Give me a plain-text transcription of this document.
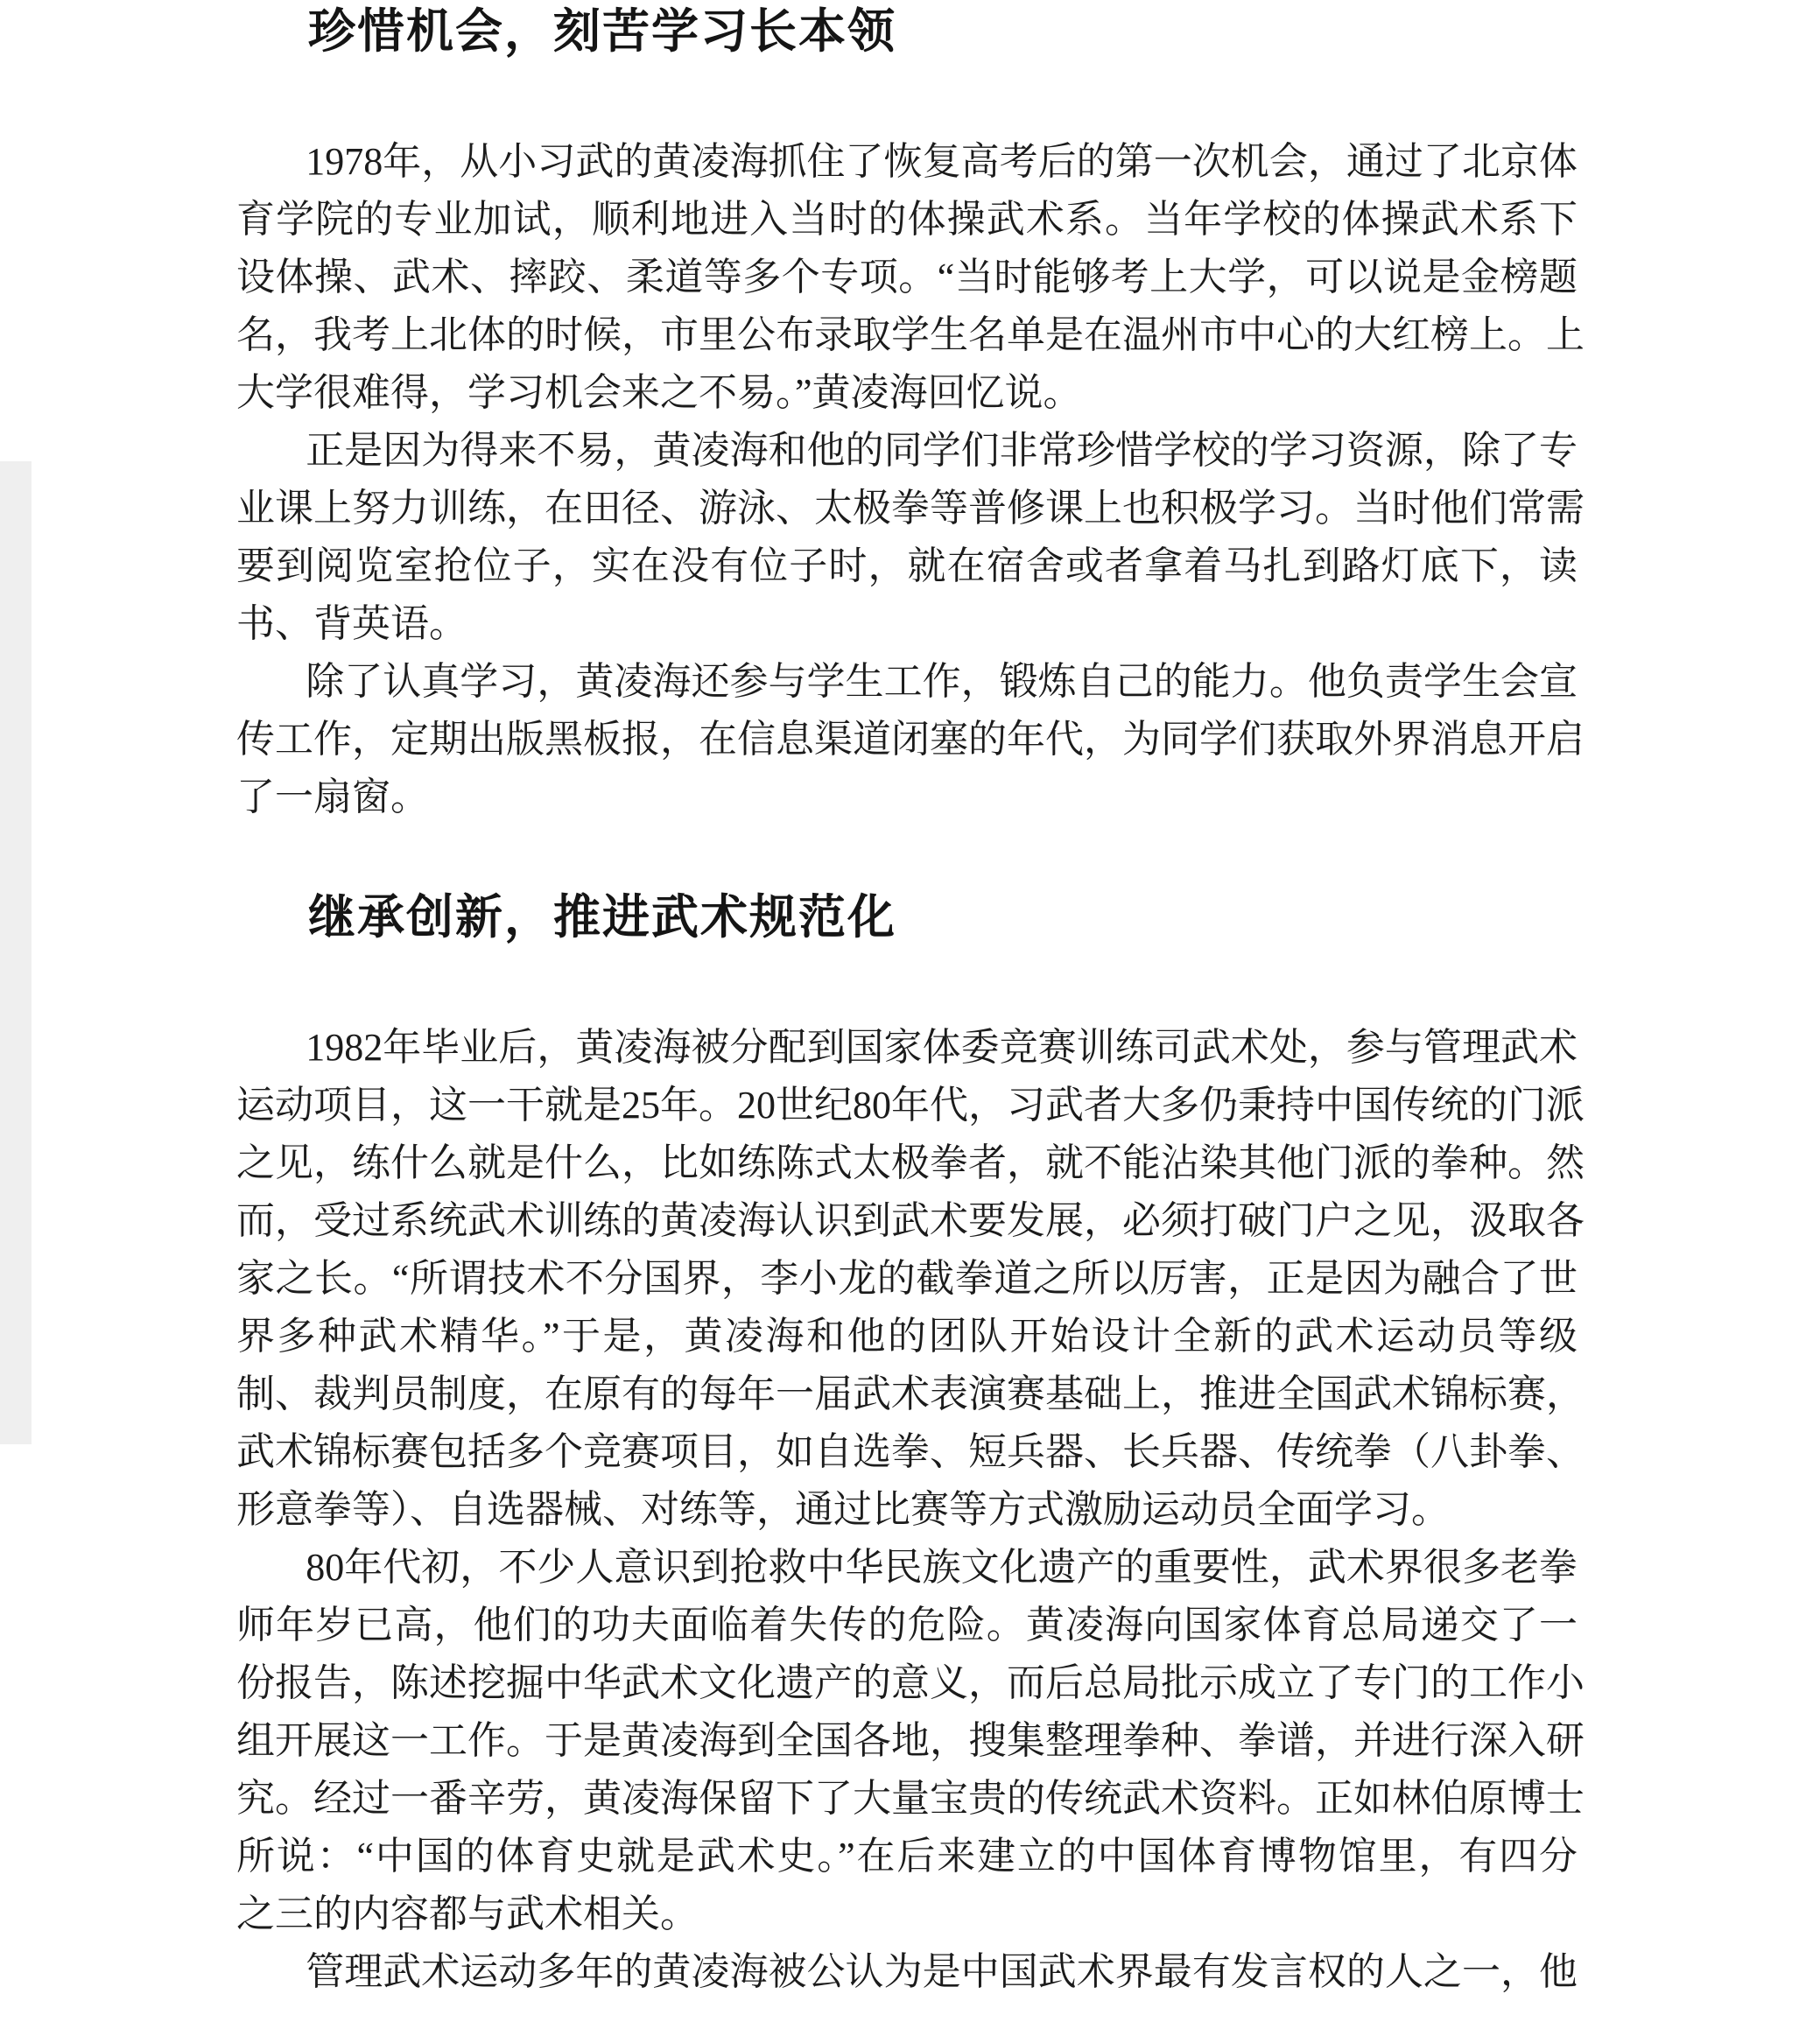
珍惜机会，刻苦学习长本领

1978年，从小习武的黄凌海抓住了恢复高考后的第一次机会，通过了北京体
育学院的专业加试，顺利地进入当时的体操武术系。当年学校的体操武术系下
设体操、武术、摔跤、柔道等多个专项。“当时能够考上大学，可以说是金榜题
名，我考上北体的时候，市里公布录取学生名单是在温州市中心的大红榜上。上
大学很难得，学习机会来之不易。”黄凌海回忆说。

正是因为得来不易，黄凌海和他的同学们非常珍惜学校的学习资源，除了专
业课上努力训练，在田径、游泳、太极拳等普修课上也积极学习。当时他们常需
要到阅览室抢位子，实在没有位子时，就在宿舍或者拿着马扎到路灯底下，读
书、背英语。

除了认真学习，黄凌海还参与学生工作，锻炼自己的能力。他负责学生会宣
传工作，定期出版黑板报，在信息渠道闭塞的年代，为同学们获取外界消息开启
了一扇窗。

继承创新，推进武术规范化

1982年毕业后，黄凌海被分配到国家体委竞赛训练司武术处，参与管理武术
运动项目，这一干就是25年。20世纪80年代，习武者大多仍秉持中国传统的门派
之见，练什么就是什么，比如练陈式太极拳者，就不能沾染其他门派的拳种。然
而，受过系统武术训练的黄凌海认识到武术要发展，必须打破门户之见，汲取各
家之长。“所谓技术不分国界，李小龙的截拳道之所以厉害，正是因为融合了世
界多种武术精华。”于是，黄凌海和他的团队开始设计全新的武术运动员等级
制、裁判员制度，在原有的每年一届武术表演赛基础上，推进全国武术锦标赛，
武术锦标赛包括多个竞赛项目，如自选拳、短兵器、长兵器、传统拳（八卦拳、
形意拳等）、自选器械、对练等，通过比赛等方式激励运动员全面学习。

80年代初，不少人意识到抢救中华民族文化遗产的重要性，武术界很多老拳
师年岁已高，他们的功夫面临着失传的危险。黄凌海向国家体育总局递交了一
份报告，陈述挖掘中华武术文化遗产的意义，而后总局批示成立了专门的工作小
组开展这一工作。于是黄凌海到全国各地，搜集整理拳种、拳谱，并进行深入研
究。经过一番辛劳，黄凌海保留下了大量宝贵的传统武术资料。正如林伯原博士
所说：“中国的体育史就是武术史。”在后来建立的中国体育博物馆里，有四分
之三的内容都与武术相关。

管理武术运动多年的黄凌海被公认为是中国武术界最有发言权的人之一，他
